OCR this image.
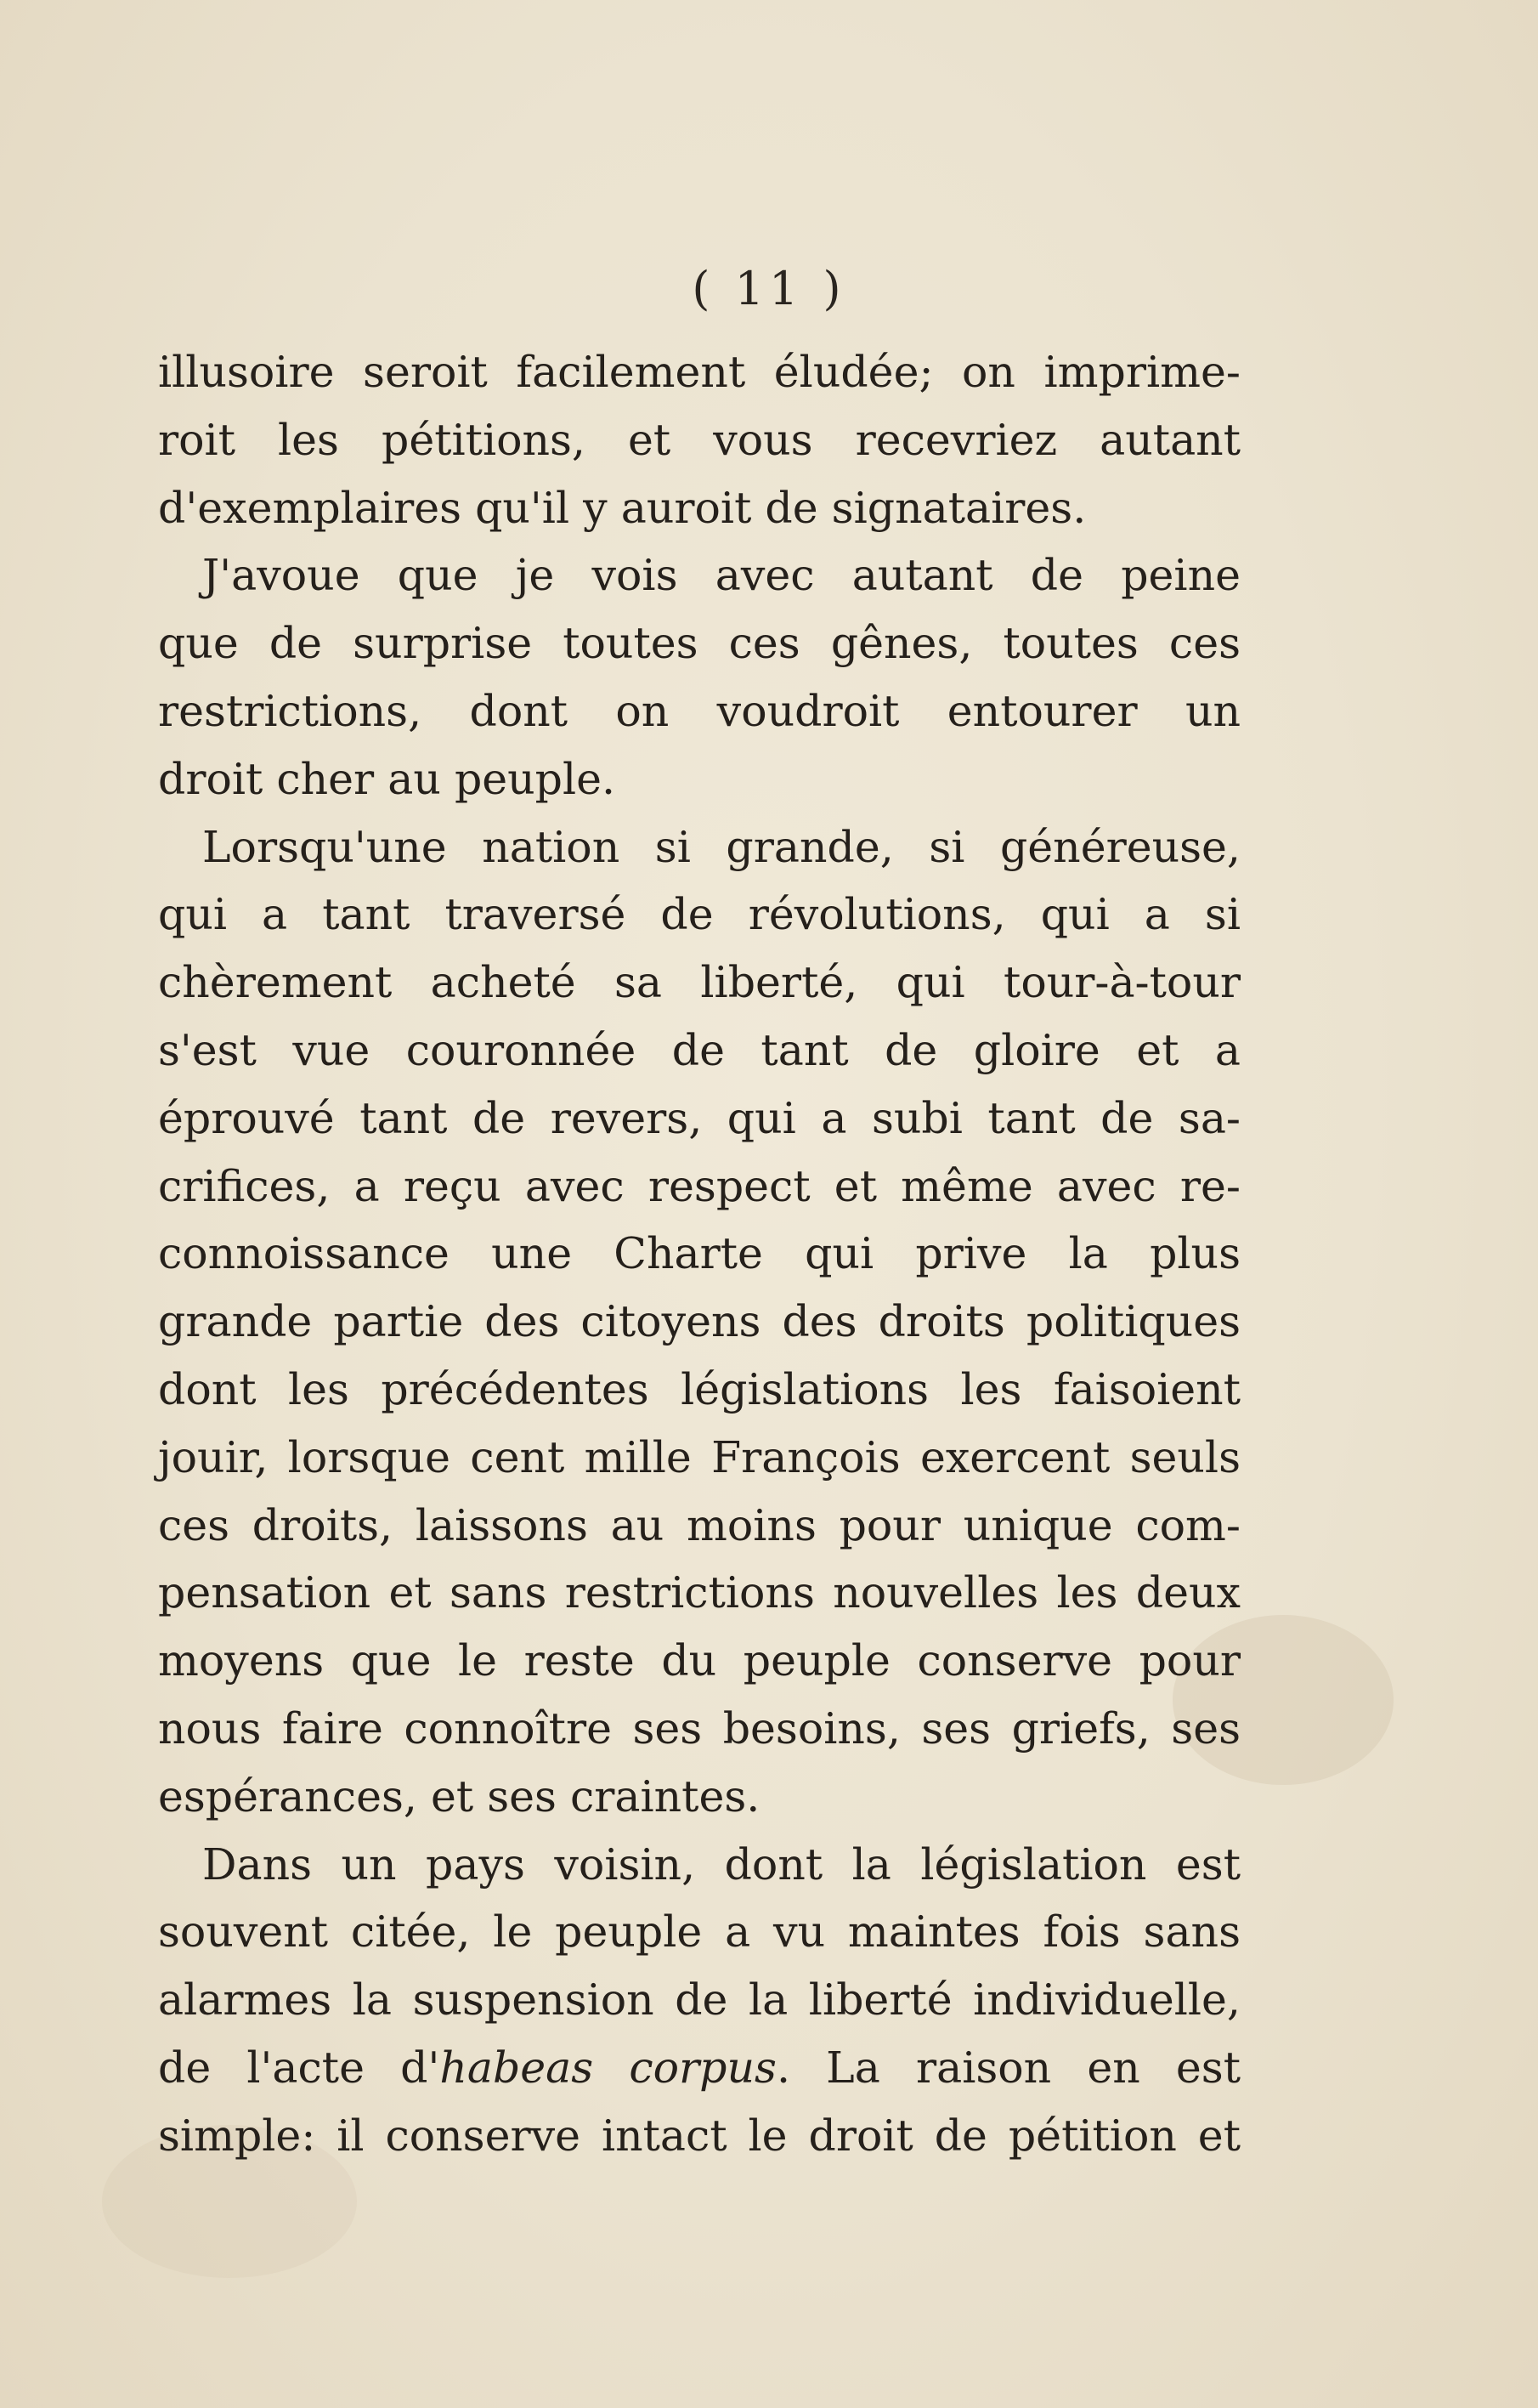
( 11 )
illusoire seroit facilement éludée; on imprime-
roit les pétitions, et vous recevriez autant
d'exemplaires qu'il y auroit de signataires.
J'avoue que je vois avec autant de peine
que de surprise toutes ces gênes, toutes ces
restrictions, dont on voudroit entourer un
droit cher au peuple.
Lorsqu'une nation si grande, si généreuse,
qui a tant traversé de révolutions, qui a si
chèrement acheté sa liberté, qui tour-à-tour
s'est vue couronnée de tant de gloire et a
éprouvé tant de revers, qui a subi tant de sa-
crifices, a reçu avec respect et même avec re-
connoissance une Charte qui prive la plus
grande partie des citoyens des droits politiques
dont les précédentes législations les faisoient
jouir, lorsque cent mille François exercent seuls
ces droits, laissons au moins pour unique com-
pensation et sans restrictions nouvelles les deux
moyens que le reste du peuple conserve pour
nous faire connoître ses besoins, ses griefs, ses
espérances, et ses craintes.
Dans un pays voisin, dont la législation est
souvent citée, le peuple a vu maintes fois sans
alarmes la suspension de la liberté individuelle,
de l'acte d'habeas corpus. La raison en est
simple: il conserve intact le droit de pétition et
